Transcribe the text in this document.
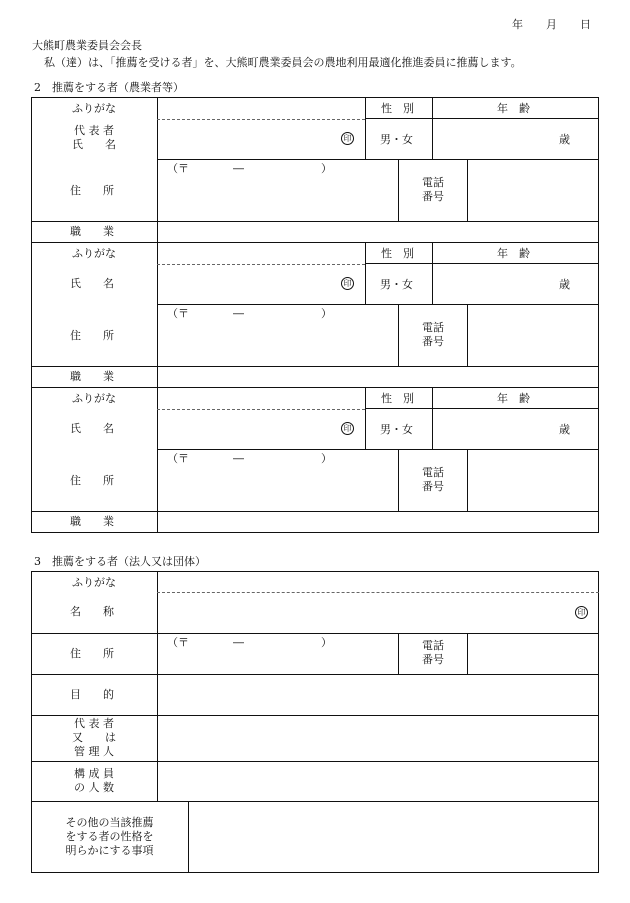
年 月 日
大熊町農業委員会会長
私（達）は、「推薦を受ける者」を、大熊町農業委員会の農地利用最適化推進委員に推薦します。
2　推薦をする者（農業者等）
ふりがな
代 表 者
氏　　名
性　別	年　齢
男・女	歳
印
住　　所
（〒　　　　―　　　　　　　）
電話
番号
職　　業
ふりがな
氏　　名
性　別	年　齢
男・女	歳
印
住　　所
（〒　　　　―　　　　　　　）
電話
番号
職　　業
ふりがな
氏　　名
性　別	年　齢
男・女	歳
印
住　　所
（〒　　　　―　　　　　　　）
電話
番号
職　　業
3　推薦をする者（法人又は団体）
ふりがな
名　　称	印
住　　所
（〒　　　　―　　　　　　　）	電話
番号
目　　的
代 表 者
又　　は
管 理 人
構 成 員
の 人 数
その他の当該推薦
をする者の性格を
明らかにする事項
